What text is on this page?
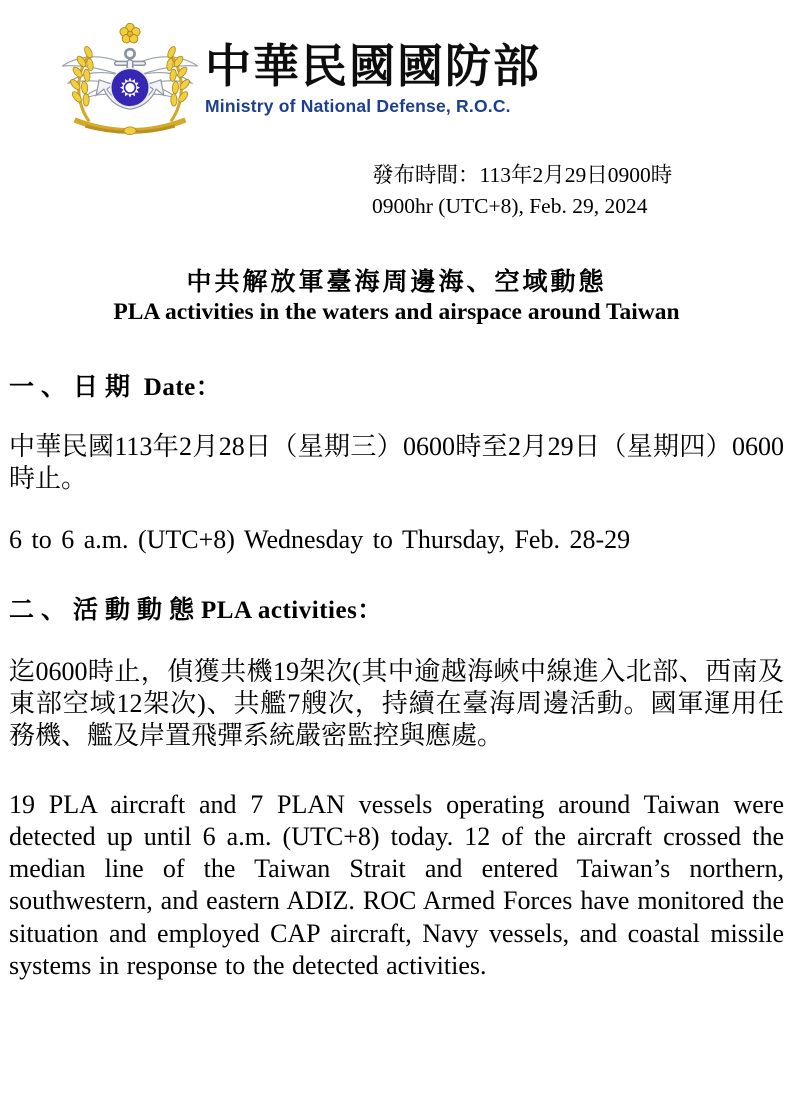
中華民國國防部
Ministry of National Defense, R.O.C.
發布時間：113年2月29日0900時
0900hr (UTC+8), Feb. 29, 2024
中共解放軍臺海周邊海、空域動態
PLA activities in the waters and airspace around Taiwan
一、日期 Date：
中華民國113年2月28日（星期三）0600時至2月29日（星期四）0600時止。
6 to 6 a.m. (UTC+8) Wednesday to Thursday, Feb. 28-29
二、活動動態PLA activities：
迄0600時止，偵獲共機19架次(其中逾越海峽中線進入北部、西南及東部空域12架次)、共艦7艘次，持續在臺海周邊活動。國軍運用任務機、艦及岸置飛彈系統嚴密監控與應處。
19 PLA aircraft and 7 PLAN vessels operating around Taiwan were detected up until 6 a.m. (UTC+8) today. 12 of the aircraft crossed the median line of the Taiwan Strait and entered Taiwan’s northern, southwestern, and eastern ADIZ. ROC Armed Forces have monitored the situation and employed CAP aircraft, Navy vessels, and coastal missile systems in response to the detected activities.
